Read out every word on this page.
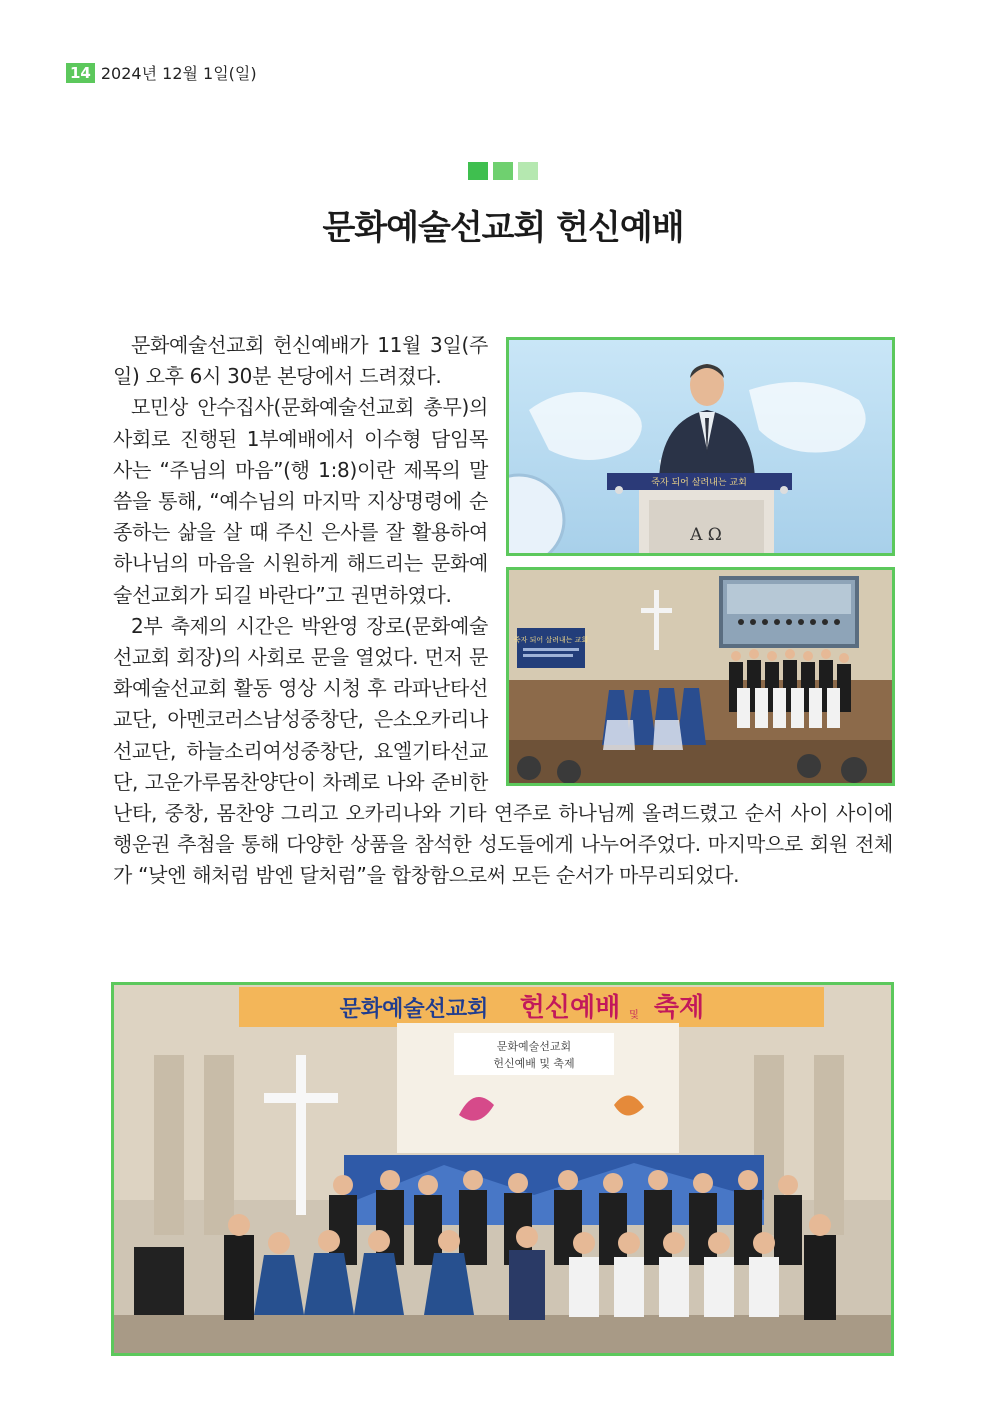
14 2024년 12월 1일(일)
문화예술선교회 헌신예배

문화예술선교회 헌신예배가 11월 3일(주일) 오후 6시 30분 본당에서 드려졌다.

모민상 안수집사(문화예술선교회 총무)의 사회로 진행된 1부예배에서 이수형 담임목사는 “주님의 마음”(행 1:8)이란 제목의 말씀을 통해, “예수님의 마지막 지상명령에 순종하는 삶을 살 때 주신 은사를 잘 활용하여 하나님의 마음을 시원하게 해드리는 문화예술선교회가 되길 바란다”고 권면하였다.

2부 축제의 시간은 박완영 장로(문화예술선교회 회장)의 사회로 문을 열었다. 먼저 문화예술선교회 활동 영상 시청 후 라파난타선교단, 아멘코러스남성중창단, 은소오카리나선교단, 하늘소리여성중창단, 요엘기타선교단, 고운가루몸찬양단이 차례로 나와 준비한 난타, 중창, 몸찬양 그리고 오카리나와 기타 연주로 하나님께 올려드렸고 순서 사이 사이에 행운권 추첨을 통해 다양한 상품을 참석한 성도들에게 나누어주었다. 마지막으로 회원 전체가 “낮엔 해처럼 밤엔 달처럼”을 합창함으로써 모든 순서가 마무리되었다.

죽자 되어 살려내는 교회
A Ω
죽자 되어 살려내는 교회
문화예술선교회 헌신예배 및 축제
문화예술선교회
헌신예배 및 축제
